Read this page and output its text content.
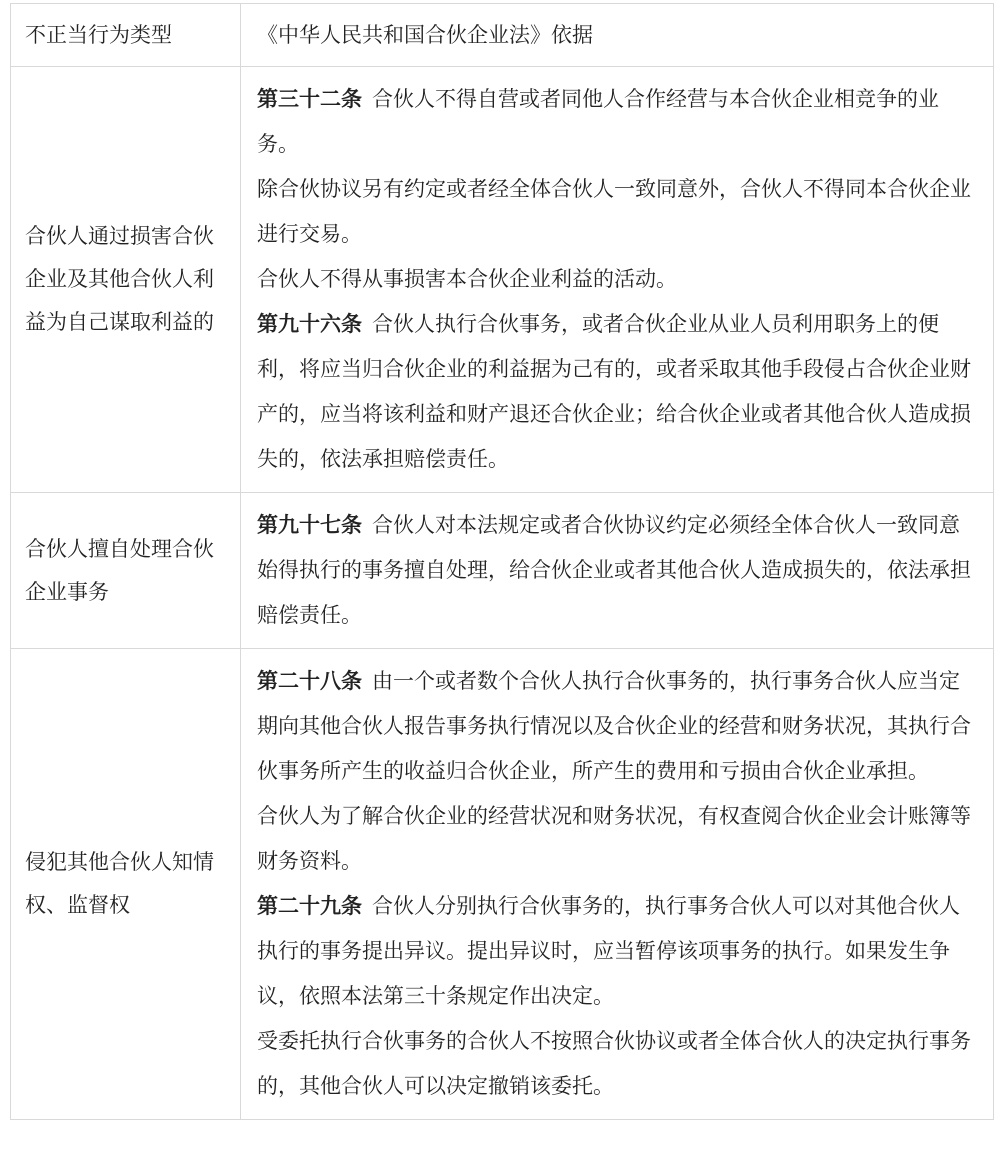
不正当行为类型	《中华人民共和国合伙企业法》依据
合伙人通过损害合伙企业及其他合伙人利益为自己谋取利益的	第三十二条 合伙人不得自营或者同他人合作经营与本合伙企业相竞争的业务。

除合伙协议另有约定或者经全体合伙人一致同意外，合伙人不得同本合伙企业进行交易。

合伙人不得从事损害本合伙企业利益的活动。

第九十六条 合伙人执行合伙事务，或者合伙企业从业人员利用职务上的便利，将应当归合伙企业的利益据为己有的，或者采取其他手段侵占合伙企业财产的，应当将该利益和财产退还合伙企业；给合伙企业或者其他合伙人造成损失的，依法承担赔偿责任。

合伙人擅自处理合伙企业事务	第九十七条 合伙人对本法规定或者合伙协议约定必须经全体合伙人一致同意始得执行的事务擅自处理，给合伙企业或者其他合伙人造成损失的，依法承担赔偿责任。

侵犯其他合伙人知情权、监督权	第二十八条 由一个或者数个合伙人执行合伙事务的，执行事务合伙人应当定期向其他合伙人报告事务执行情况以及合伙企业的经营和财务状况，其执行合伙事务所产生的收益归合伙企业，所产生的费用和亏损由合伙企业承担。

合伙人为了解合伙企业的经营状况和财务状况，有权查阅合伙企业会计账簿等财务资料。

第二十九条 合伙人分别执行合伙事务的，执行事务合伙人可以对其他合伙人执行的事务提出异议。提出异议时，应当暂停该项事务的执行。如果发生争议，依照本法第三十条规定作出决定。

受委托执行合伙事务的合伙人不按照合伙协议或者全体合伙人的决定执行事务的，其他合伙人可以决定撤销该委托。
